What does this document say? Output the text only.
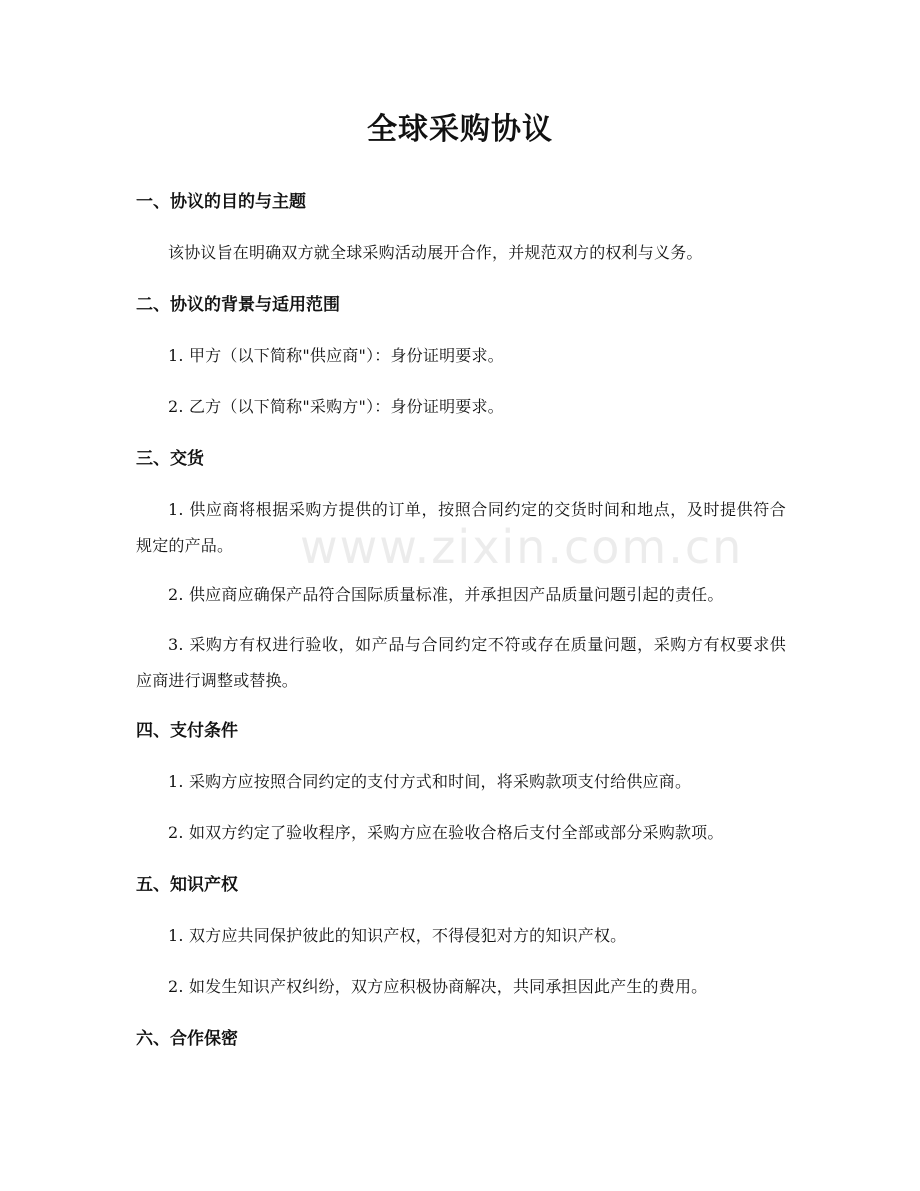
www.zixin.com.cn
全球采购协议
一、协议的目的与主题

该协议旨在明确双方就全球采购活动展开合作，并规范双方的权利与义务。

二、协议的背景与适用范围

1. 甲方（以下简称"供应商"）：身份证明要求。

2. 乙方（以下简称"采购方"）：身份证明要求。

三、交货

1. 供应商将根据采购方提供的订单，按照合同约定的交货时间和地点，及时提供符合规定的产品。

2. 供应商应确保产品符合国际质量标准，并承担因产品质量问题引起的责任。

3. 采购方有权进行验收，如产品与合同约定不符或存在质量问题，采购方有权要求供应商进行调整或替换。

四、支付条件

1. 采购方应按照合同约定的支付方式和时间，将采购款项支付给供应商。

2. 如双方约定了验收程序，采购方应在验收合格后支付全部或部分采购款项。

五、知识产权

1. 双方应共同保护彼此的知识产权，不得侵犯对方的知识产权。

2. 如发生知识产权纠纷，双方应积极协商解决，共同承担因此产生的费用。

六、合作保密
